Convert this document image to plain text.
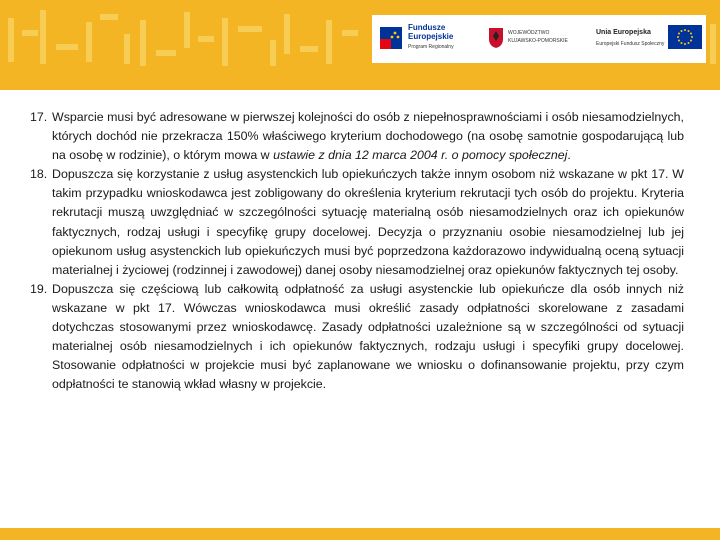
Fundusze
Europejskie
Program Regionalny
WOJEWÓDZTWO
KUJAWSKO-POMORSKIE
Unia Europejska
Europejski Fundusz Społeczny
17. Wsparcie musi być adresowane w pierwszej kolejności do osób z niepełnosprawnościami i osób niesamodzielnych, których dochód nie przekracza 150% właściwego kryterium dochodowego (na osobę samotnie gospodarującą lub na osobę w rodzinie), o którym mowa w ustawie z dnia 12 marca 2004 r. o pomocy społecznej.
18. Dopuszcza się korzystanie z usług asystenckich lub opiekuńczych także innym osobom niż wskazane w pkt 17. W takim przypadku wnioskodawca jest zobligowany do określenia kryterium rekrutacji tych osób do projektu. Kryteria rekrutacji muszą uwzględniać w szczególności sytuację materialną osób niesamodzielnych oraz ich opiekunów faktycznych, rodzaj usługi i specyfikę grupy docelowej. Decyzja o przyznaniu osobie niesamodzielnej lub jej opiekunom usług asystenckich lub opiekuńczych musi być poprzedzona każdorazowo indywidualną oceną sytuacji materialnej i życiowej (rodzinnej i zawodowej) danej osoby niesamodzielnej oraz opiekunów faktycznych tej osoby.
19. Dopuszcza się częściową lub całkowitą odpłatność za usługi asystenckie lub opiekuńcze dla osób innych niż wskazane w pkt 17. Wówczas wnioskodawca musi określić zasady odpłatności skorelowane z zasadami dotychczas stosowanymi przez wnioskodawcę. Zasady odpłatności uzależnione są w szczególności od sytuacji materialnej osób niesamodzielnych i ich opiekunów faktycznych, rodzaju usługi i specyfiki grupy docelowej. Stosowanie odpłatności w projekcie musi być zaplanowane we wniosku o dofinansowanie projektu, przy czym odpłatności te stanowią wkład własny w projekcie.
